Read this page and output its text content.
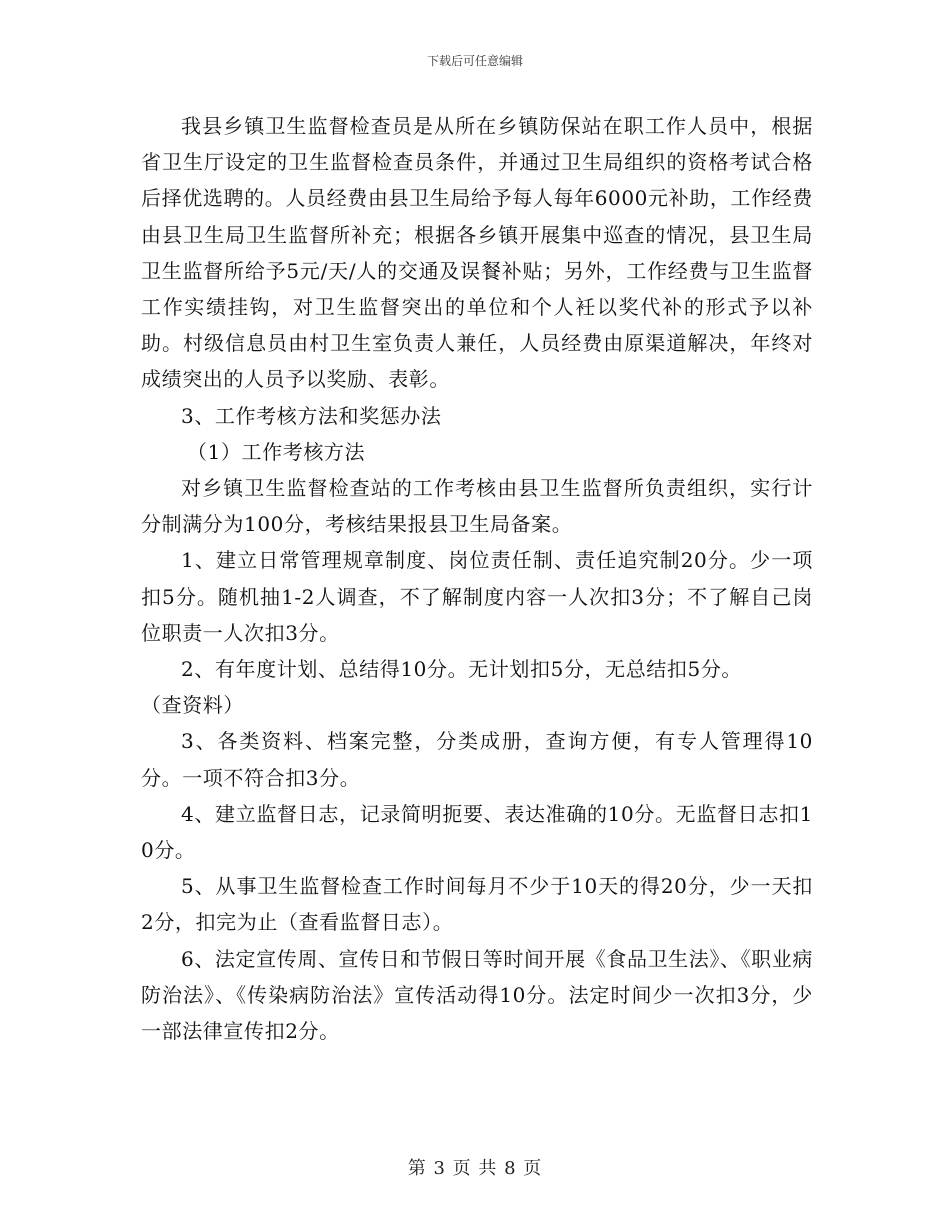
下载后可任意编辑

我县乡镇卫生监督检查员是从所在乡镇防保站在职工作人员中，根据省卫生厅设定的卫生监督检查员条件，并通过卫生局组织的资格考试合格后择优选聘的。人员经费由县卫生局给予每人每年6000元补助，工作经费由县卫生局卫生监督所补充；根据各乡镇开展集中巡查的情况，县卫生局卫生监督所给予5元/天/人的交通及误餐补贴；另外，工作经费与卫生监督工作实绩挂钩，对卫生监督突出的单位和个人衽以奖代补的形式予以补助。村级信息员由村卫生室负责人兼任，人员经费由原渠道解决，年终对成绩突出的人员予以奖励、表彰。

3、工作考核方法和奖惩办法

（1）工作考核方法

对乡镇卫生监督检查站的工作考核由县卫生监督所负责组织，实行计分制满分为100分，考核结果报县卫生局备案。

1、建立日常管理规章制度、岗位责任制、责任追究制20分。少一项扣5分。随机抽1-2人调查，不了解制度内容一人次扣3分；不了解自己岗位职责一人次扣3分。

2、有年度计划、总结得10分。无计划扣5分，无总结扣5分。

（查资料）

3、各类资料、档案完整，分类成册，查询方便，有专人管理得10分。一项不符合扣3分。

4、建立监督日志，记录简明扼要、表达准确的10分。无监督日志扣10分。

5、从事卫生监督检查工作时间每月不少于10天的得20分，少一天扣2分，扣完为止（查看监督日志）。

6、法定宣传周、宣传日和节假日等时间开展《食品卫生法》、《职业病防治法》、《传染病防治法》宣传活动得10分。法定时间少一次扣3分，少一部法律宣传扣2分。

第 3 页 共 8 页
